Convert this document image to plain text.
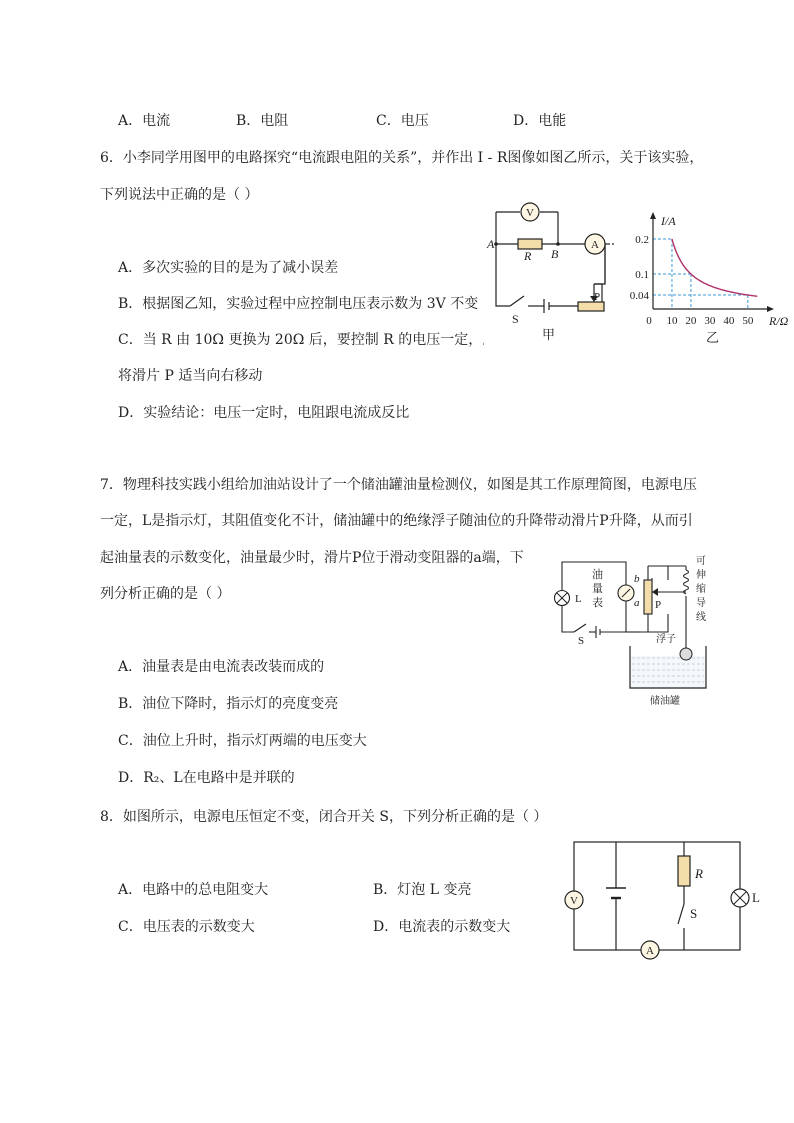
A．电流	B．电阻	C．电压	D．电能
6．小李同学用图甲的电路探究“电流跟电阻的关系”，并作出 I - R图像如图乙所示，关于该实验，
下列说法中正确的是（ ）
A．多次实验的目的是为了减小误差
B．根据图乙知，实验过程中应控制电压表示数为 3V 不变
C．当 R 由 10Ω 更换为 20Ω 后，要控制 R 的电压一定，应
将滑片 P 适当向右移动
D．实验结论：电压一定时，电阻跟电流成反比
V
A
A
B
R
P
S
甲
I/A
R/Ω
0 10 20 30 40 50
0.04
0.1
0.2
乙
7．物理科技实践小组给加油站设计了一个储油罐油量检测仪，如图是其工作原理简图，电源电压
一定，L是指示灯，其阻值变化不计，储油罐中的绝缘浮子随油位的升降带动滑片P升降，从而引
起油量表的示数变化，油量最少时，滑片P位于滑动变阻器的a端，下
列分析正确的是（ ）
A．油量表是由电流表改装而成的
B．油位下降时，指示灯的亮度变亮
C．油位上升时，指示灯两端的电压变大
D．R₂、L在电路中是并联的
L
油
量
表
b
a P
S
可
伸
缩
导
线
浮子
储油罐
8．如图所示，电源电压恒定不变，闭合开关 S，下列分析正确的是（ ）
A．电路中的总电阻变大	B．灯泡 L 变亮
C．电压表的示数变大	D．电流表的示数变大
R
S
V
A
L
